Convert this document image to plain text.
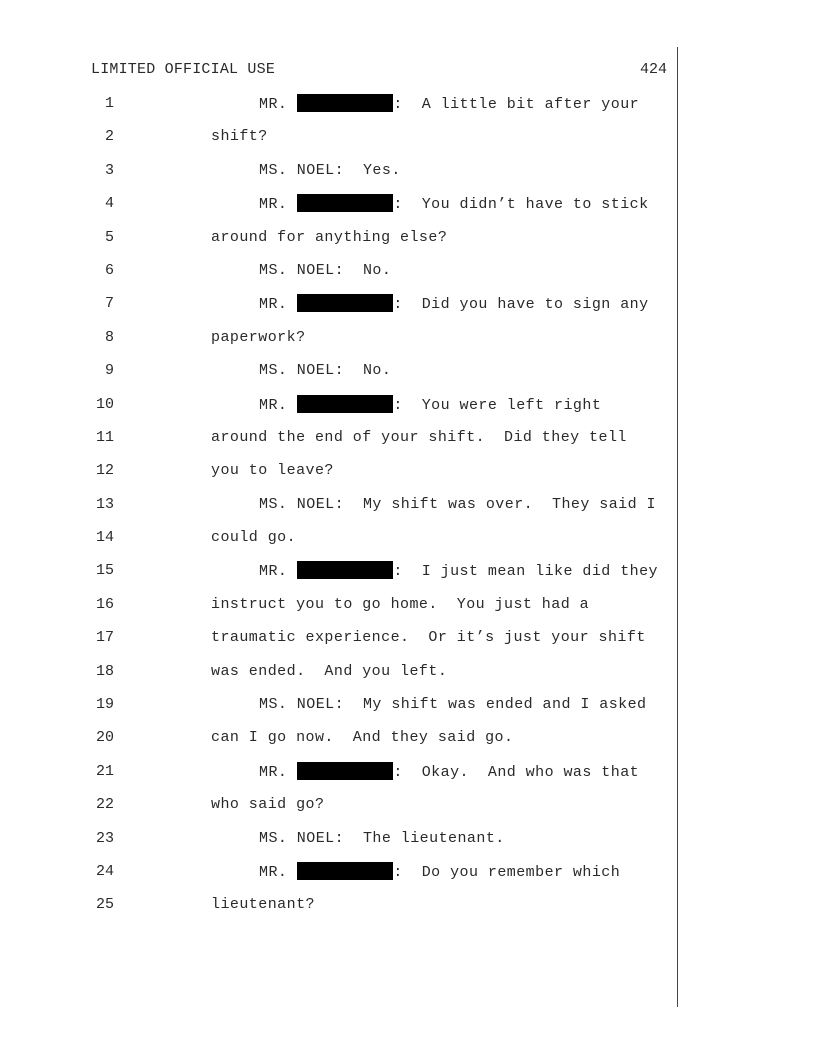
LIMITED OFFICIAL USE	424
1	MR.	:  A little bit after your
2	shift?
3	MS. NOEL:  Yes.
4	MR.	:  You didn’t have to stick
5	around for anything else?
6	MS. NOEL:  No.
7	MR.	:  Did you have to sign any
8	paperwork?
9	MS. NOEL:  No.
10	MR.	:  You were left right
11	around the end of your shift.  Did they tell
12	you to leave?
13	MS. NOEL:  My shift was over.  They said I
14	could go.
15	MR.	:  I just mean like did they
16	instruct you to go home.  You just had a
17	traumatic experience.  Or it’s just your shift
18	was ended.  And you left.
19	MS. NOEL:  My shift was ended and I asked
20	can I go now.  And they said go.
21	MR.	:  Okay.  And who was that
22	who said go?
23	MS. NOEL:  The lieutenant.
24	MR.	:  Do you remember which
25	lieutenant?
